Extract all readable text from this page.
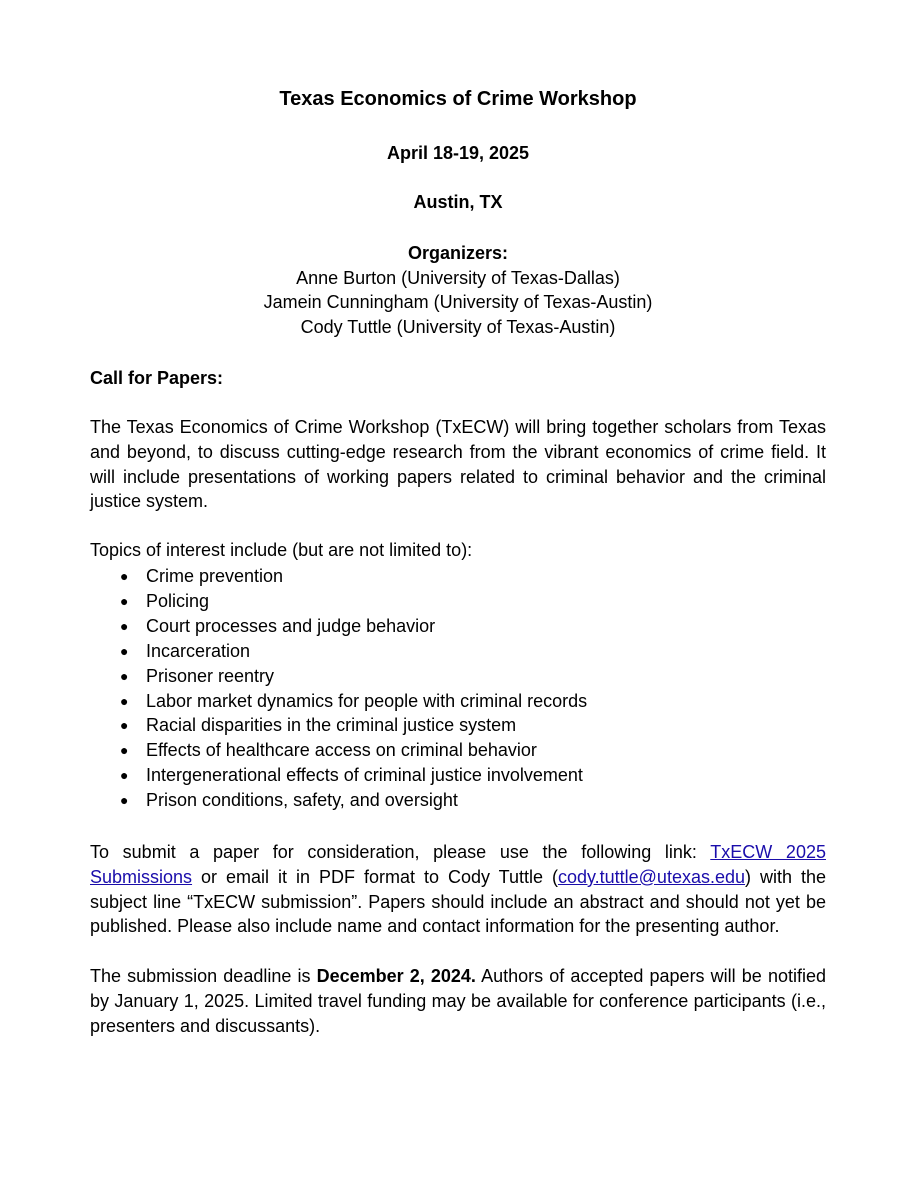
Texas Economics of Crime Workshop

April 18-19, 2025

Austin, TX

Organizers:
Anne Burton (University of Texas-Dallas)
Jamein Cunningham (University of Texas-Austin)
Cody Tuttle (University of Texas-Austin)

Call for Papers:

The Texas Economics of Crime Workshop (TxECW) will bring together scholars from Texas and beyond, to discuss cutting-edge research from the vibrant economics of crime field. It will include presentations of working papers related to criminal behavior and the criminal justice system.

Topics of interest include (but are not limited to):

● Crime prevention
● Policing
● Court processes and judge behavior
● Incarceration
● Prisoner reentry
● Labor market dynamics for people with criminal records
● Racial disparities in the criminal justice system
● Effects of healthcare access on criminal behavior
● Intergenerational effects of criminal justice involvement
● Prison conditions, safety, and oversight

To submit a paper for consideration, please use the following link: TxECW 2025 Submissions or email it in PDF format to Cody Tuttle (cody.tuttle@utexas.edu) with the subject line “TxECW submission”. Papers should include an abstract and should not yet be published. Please also include name and contact information for the presenting author.

The submission deadline is December 2, 2024. Authors of accepted papers will be notified by January 1, 2025. Limited travel funding may be available for conference participants (i.e., presenters and discussants).
